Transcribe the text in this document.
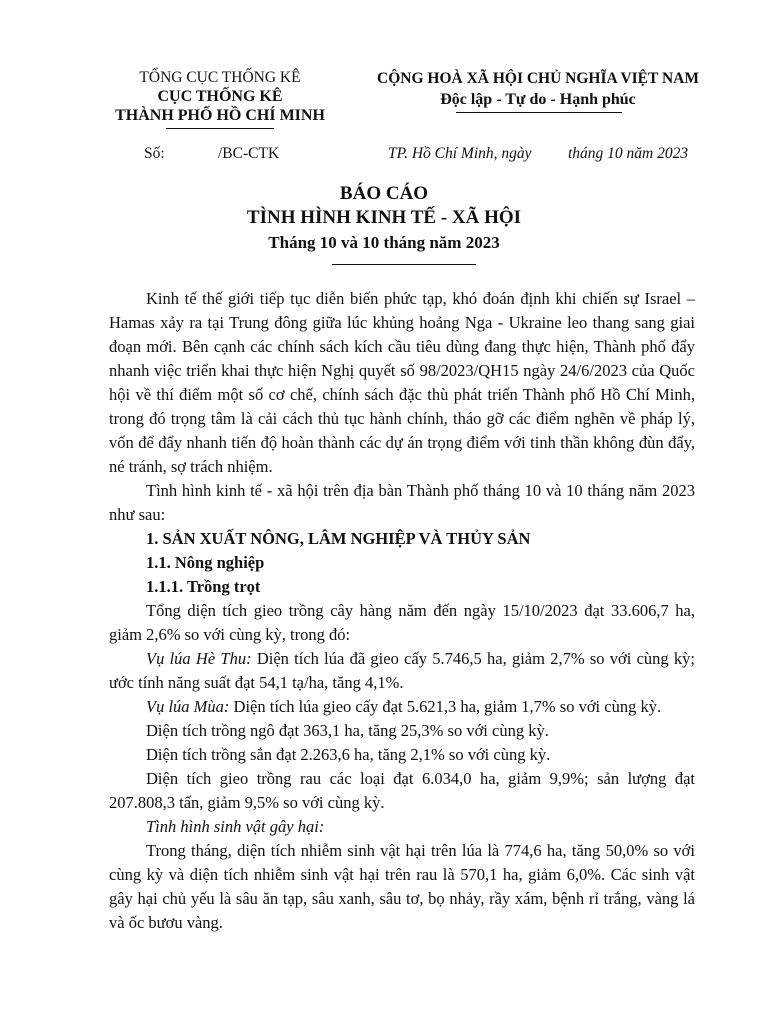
TỔNG CỤC THỐNG KÊ
CỤC THỐNG KÊ
THÀNH PHỐ HỒ CHÍ MINH
CỘNG HOÀ XÃ HỘI CHỦ NGHĨA VIỆT NAM
Độc lập - Tự do - Hạnh phúc
Số:	/BC-CTK	TP. Hồ Chí Minh, ngày tháng 10 năm 2023
BÁO CÁO
TÌNH HÌNH KINH TẾ - XÃ HỘI
Tháng 10 và 10 tháng năm 2023

Kinh tế thế giới tiếp tục diễn biến phức tạp, khó đoán định khi chiến sự Israel – Hamas xảy ra tại Trung đông giữa lúc khủng hoảng Nga - Ukraine leo thang sang giai đoạn mới. Bên cạnh các chính sách kích cầu tiêu dùng đang thực hiện, Thành phố đẩy nhanh việc triển khai thực hiện Nghị quyết số 98/2023/QH15 ngày 24/6/2023 của Quốc hội về thí điểm một số cơ chế, chính sách đặc thù phát triển Thành phố Hồ Chí Minh, trong đó trọng tâm là cải cách thủ tục hành chính, tháo gỡ các điểm nghẽn về pháp lý, vốn để đẩy nhanh tiến độ hoàn thành các dự án trọng điểm với tinh thần không đùn đẩy, né tránh, sợ trách nhiệm.

Tình hình kinh tế - xã hội trên địa bàn Thành phố tháng 10 và 10 tháng năm 2023 như sau:

1. SẢN XUẤT NÔNG, LÂM NGHIỆP VÀ THỦY SẢN

1.1. Nông nghiệp

1.1.1. Trồng trọt

Tổng diện tích gieo trồng cây hàng năm đến ngày 15/10/2023 đạt 33.606,7 ha, giảm 2,6% so với cùng kỳ, trong đó:

Vụ lúa Hè Thu: Diện tích lúa đã gieo cấy 5.746,5 ha, giảm 2,7% so với cùng kỳ; ước tính năng suất đạt 54,1 tạ/ha, tăng 4,1%.

Vụ lúa Mùa: Diện tích lúa gieo cấy đạt 5.621,3 ha, giảm 1,7% so với cùng kỳ.

Diện tích trồng ngô đạt 363,1 ha, tăng 25,3% so với cùng kỳ.

Diện tích trồng sắn đạt 2.263,6 ha, tăng 2,1% so với cùng kỳ.

Diện tích gieo trồng rau các loại đạt 6.034,0 ha, giảm 9,9%; sản lượng đạt 207.808,3 tấn, giảm 9,5% so với cùng kỳ.

Tình hình sinh vật gây hại:

Trong tháng, diện tích nhiễm sinh vật hại trên lúa là 774,6 ha, tăng 50,0% so với cùng kỳ và diện tích nhiễm sinh vật hại trên rau là 570,1 ha, giảm 6,0%. Các sinh vật gây hại chủ yếu là sâu ăn tạp, sâu xanh, sâu tơ, bọ nhảy, rầy xám, bệnh rỉ trắng, vàng lá và ốc bươu vàng.
